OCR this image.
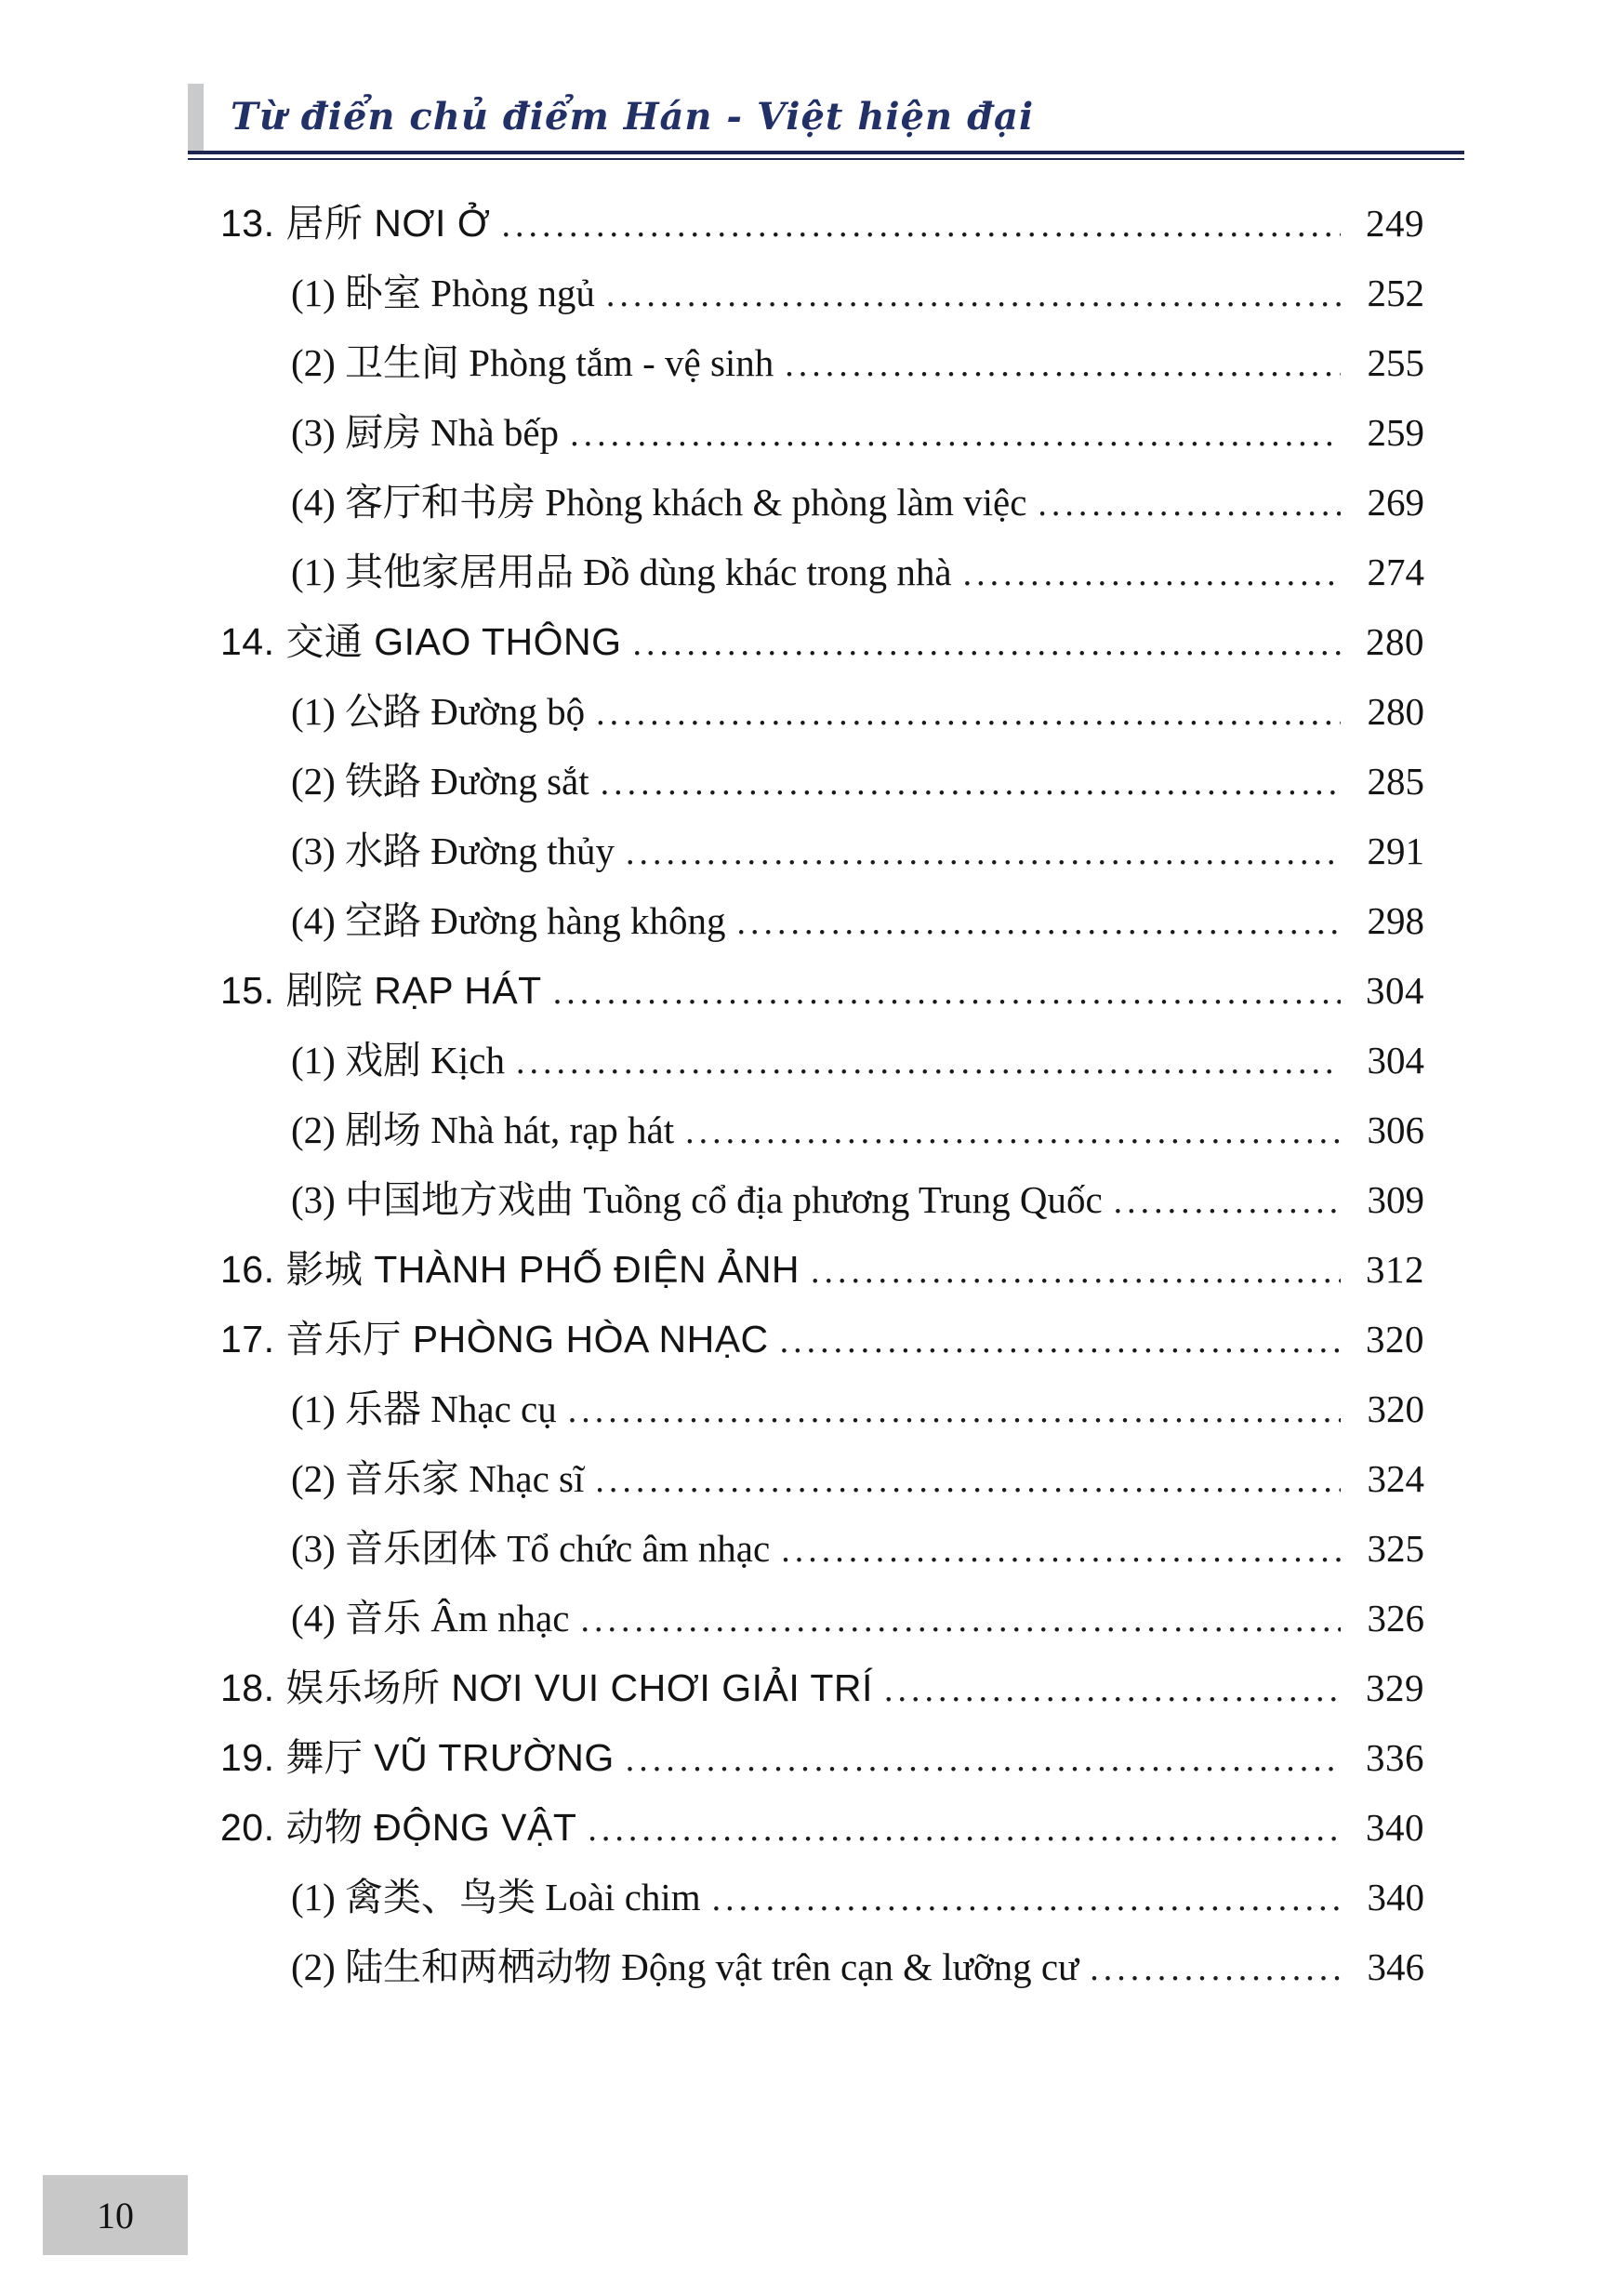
Từ điển chủ điểm Hán - Việt hiện đại
13. 居所 NƠI Ở .....	249
(1) 卧室 Phòng ngủ .....	252
(2) 卫生间 Phòng tắm - vệ sinh .....	255
(3) 厨房 Nhà bếp .....	259
(4) 客厅和书房 Phòng khách & phòng làm việc .....	269
(1) 其他家居用品 Đồ dùng khác trong nhà .....	274
14. 交通 GIAO THÔNG .....	280
(1) 公路 Đường bộ .....	280
(2) 铁路 Đường sắt .....	285
(3) 水路 Đường thủy .....	291
(4) 空路 Đường hàng không .....	298
15. 剧院 RẠP HÁT .....	304
(1) 戏剧 Kịch .....	304
(2) 剧场 Nhà hát, rạp hát .....	306
(3) 中国地方戏曲 Tuồng cổ địa phương Trung Quốc .....	309
16. 影城 THÀNH PHỐ ĐIỆN ẢNH .....	312
17. 音乐厅 PHÒNG HÒA NHẠC .....	320
(1) 乐器 Nhạc cụ .....	320
(2) 音乐家 Nhạc sĩ .....	324
(3) 音乐团体 Tổ chức âm nhạc .....	325
(4) 音乐 Âm nhạc .....	326
18. 娱乐场所 NƠI VUI CHƠI GIẢI TRÍ .....	329
19. 舞厅 VŨ TRƯỜNG .....	336
20. 动物 ĐỘNG VẬT .....	340
(1) 禽类、鸟类 Loài chim .....	340
(2) 陆生和两栖动物 Động vật trên cạn & lưỡng cư .....	346
10
